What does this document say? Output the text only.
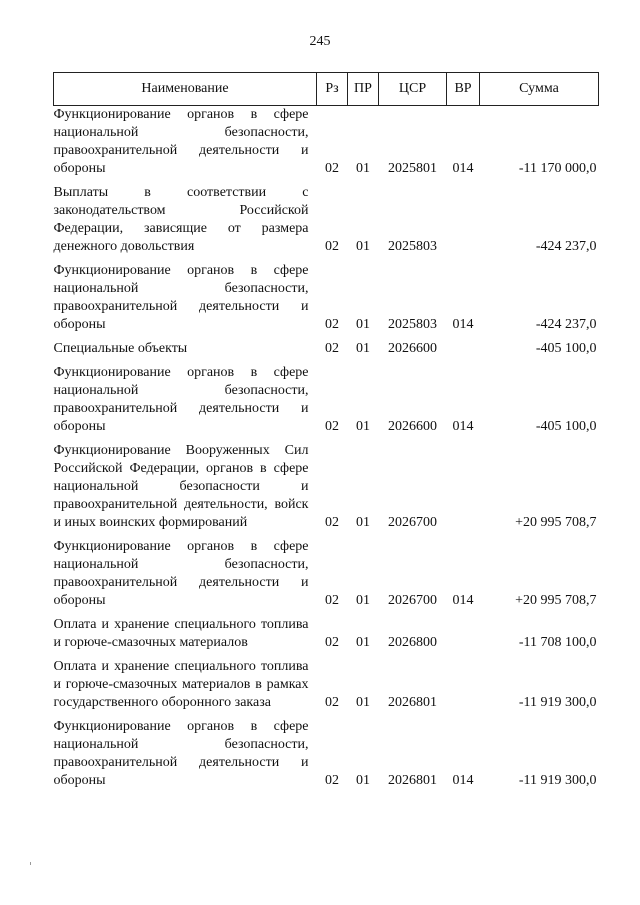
245
Наименование	Рз	ПР	ЦСР	ВР	Сумма
Функционирование органов в сфере национальной безопасности, правоохранительной деятельности и обороны	02	01	2025801	014	-11 170 000,0
Выплаты в соответствии с законодательством Российской Федерации, зависящие от размера денежного довольствия	02	01	2025803		-424 237,0
Функционирование органов в сфере национальной безопасности, правоохранительной деятельности и обороны	02	01	2025803	014	-424 237,0
Специальные объекты	02	01	2026600		-405 100,0
Функционирование органов в сфере национальной безопасности, правоохранительной деятельности и обороны	02	01	2026600	014	-405 100,0
Функционирование Вооруженных Сил Российской Федерации, органов в сфере национальной безопасности и правоохранительной деятельности, войск и иных воинских формирований	02	01	2026700		+20 995 708,7
Функционирование органов в сфере национальной безопасности, правоохранительной деятельности и обороны	02	01	2026700	014	+20 995 708,7
Оплата и хранение специального топлива и горюче-смазочных материалов	02	01	2026800		-11 708 100,0
Оплата и хранение специального топлива и горюче-смазочных материалов в рамках государственного оборонного заказа	02	01	2026801		-11 919 300,0
Функционирование органов в сфере национальной безопасности, правоохранительной деятельности и обороны	02	01	2026801	014	-11 919 300,0
